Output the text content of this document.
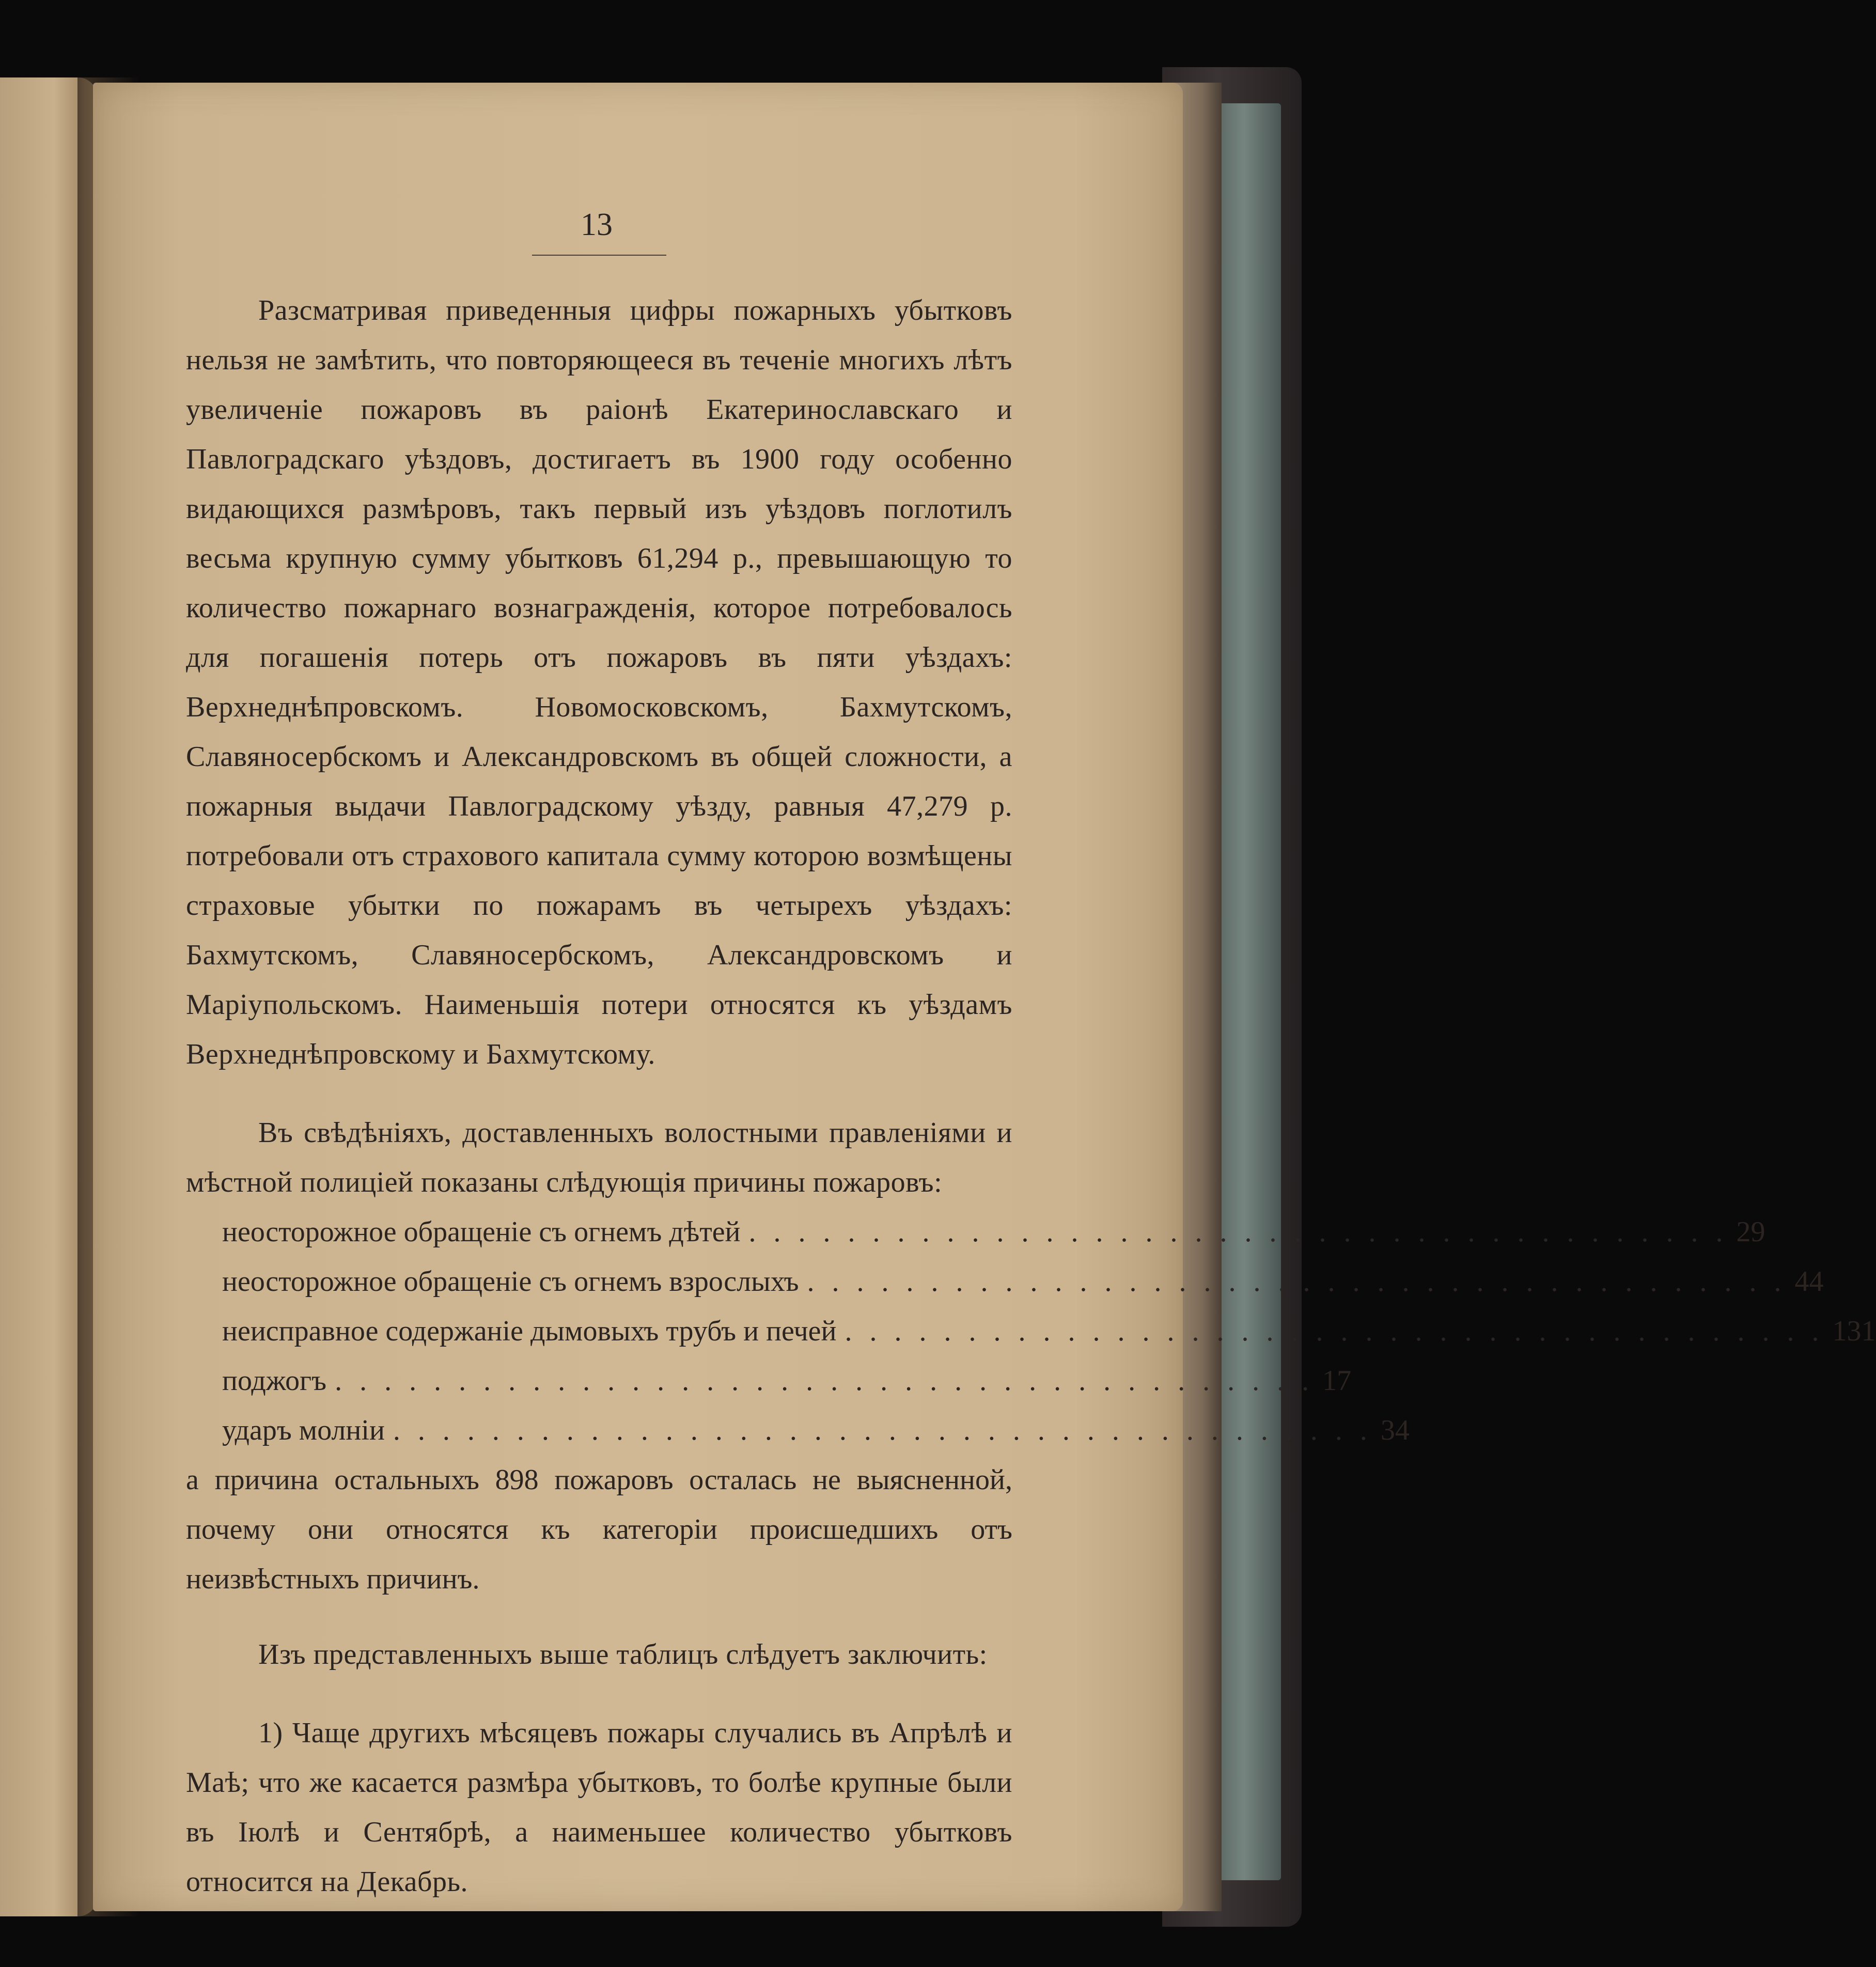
13

Разсматривая приведенныя цифры пожарныхъ убытковъ нельзя не замѣтить, что повторяющееся въ теченіе многихъ лѣтъ увеличеніе пожаровъ въ раіонѣ Екатеринославскаго и Павлоградскаго уѣздовъ, достигаетъ въ 1900 году особенно видающихся размѣровъ, такъ первый изъ уѣздовъ поглотилъ весьма крупную сумму убытковъ 61,294 р., превышающую то количество пожарнаго вознагражденія, которое потребовалось для погашенія потерь отъ пожаровъ въ пяти уѣздахъ: Верхнеднѣпровскомъ. Новомосковскомъ, Бахмутскомъ, Славяносербскомъ и Александровскомъ въ общей сложности, а пожарныя выдачи Павлоградскому уѣзду, равныя 47,279 р. потребовали отъ страхового капитала сумму которою возмѣщены страховые убытки по пожарамъ въ четырехъ уѣздахъ: Бахмутскомъ, Славяносербскомъ, Александровскомъ и Маріупольскомъ. Наименьшія потери относятся къ уѣздамъ Верхнеднѣпровскому и Бахмутскому.

Въ свѣдѣніяхъ, доставленныхъ волостными правленіями и мѣстной полиціей показаны слѣдующія причины пожаровъ:

неосторожное обращеніе съ огнемъ дѣтей . . . . . . . . . . . . . . . . . . . . . . . . . . . . . . . . . . . . . . . . 29
неосторожное обращеніе съ огнемъ взрослыхъ . . . . . . . . . . . . . . . . . . . . . . . . . . . . . . . . . . . . . . . . 44
неисправное содержаніе дымовыхъ трубъ и печей . . . . . . . . . . . . . . . . . . . . . . . . . . . . . . . . . . . . . . . . 131
поджогъ . . . . . . . . . . . . . . . . . . . . . . . . . . . . . . . . . . . . . . . . 17
ударъ молніи . . . . . . . . . . . . . . . . . . . . . . . . . . . . . . . . . . . . . . . . 34

а причина остальныхъ 898 пожаровъ осталась не выясненной, почему они относятся къ категоріи происшедшихъ отъ неизвѣстныхъ причинъ.

Изъ представленныхъ выше таблицъ слѣдуетъ заключить:

1) Чаще другихъ мѣсяцевъ пожары случались въ Апрѣлѣ и Маѣ; что же касается размѣра убытковъ, то болѣе крупные были въ Іюлѣ и Сентябрѣ, а наименьшее количество убытковъ относится на Декабрь.
